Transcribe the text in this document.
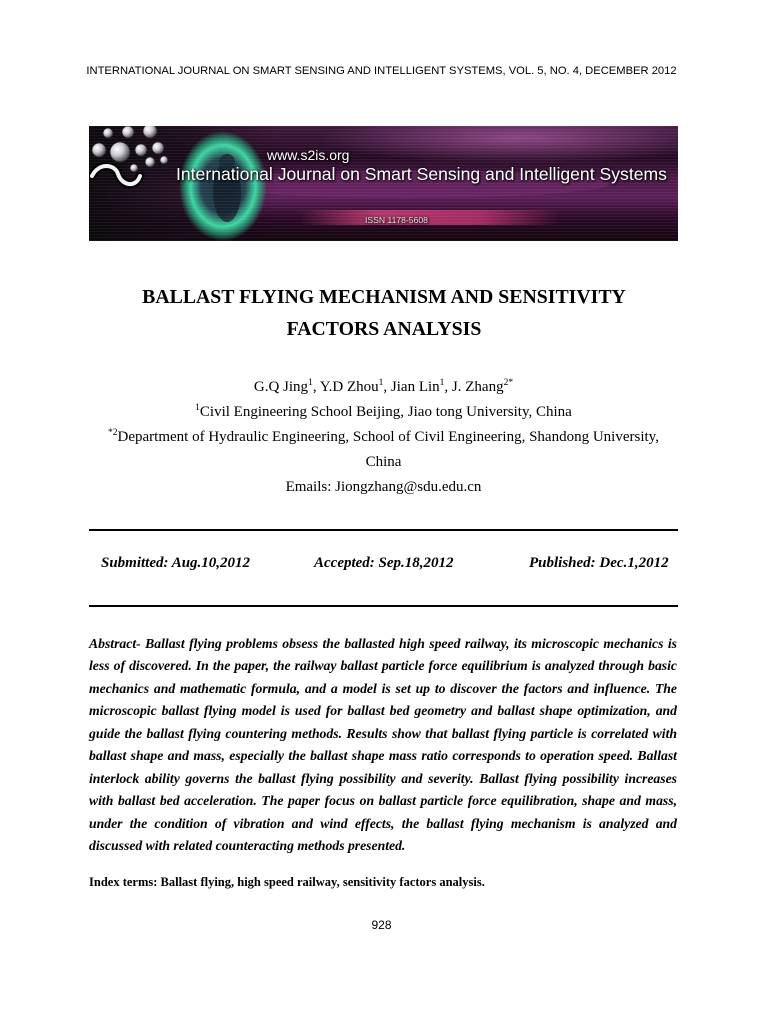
INTERNATIONAL JOURNAL ON SMART SENSING AND INTELLIGENT SYSTEMS, VOL. 5, NO. 4, DECEMBER 2012
www.s2is.org
International Journal on Smart Sensing and Intelligent Systems
ISSN 1178-5608
BALLAST FLYING MECHANISM AND SENSITIVITY FACTORS ANALYSIS
G.Q Jing$^1$, Y.D Zhou$^1$, Jian Lin$^1$, J. Zhang$^{2*}$
$^1$Civil Engineering School Beijing, Jiao tong University, China
$^{*2}$Department of Hydraulic Engineering, School of Civil Engineering, Shandong University, China
Emails: Jiongzhang@sdu.edu.cn
Submitted: Aug.10,2012	Accepted: Sep.18,2012	Published: Dec.1,2012
Abstract- Ballast flying problems obsess the ballasted high speed railway, its microscopic mechanics is
less of discovered. In the paper, the railway ballast particle force equilibrium is analyzed through basic
mechanics and mathematic formula, and a model is set up to discover the factors and influence. The
microscopic ballast flying model is used for ballast bed geometry and ballast shape optimization, and
guide the ballast flying countering methods. Results show that ballast flying particle is correlated with
ballast shape and mass, especially the ballast shape mass ratio corresponds to operation speed. Ballast
interlock ability governs the ballast flying possibility and severity. Ballast flying possibility increases
with ballast bed acceleration. The paper focus on ballast particle force equilibration, shape and mass,
under the condition of vibration and wind effects, the ballast flying mechanism is analyzed and
discussed with related counteracting methods presented.
Index terms: Ballast flying, high speed railway, sensitivity factors analysis.
928
